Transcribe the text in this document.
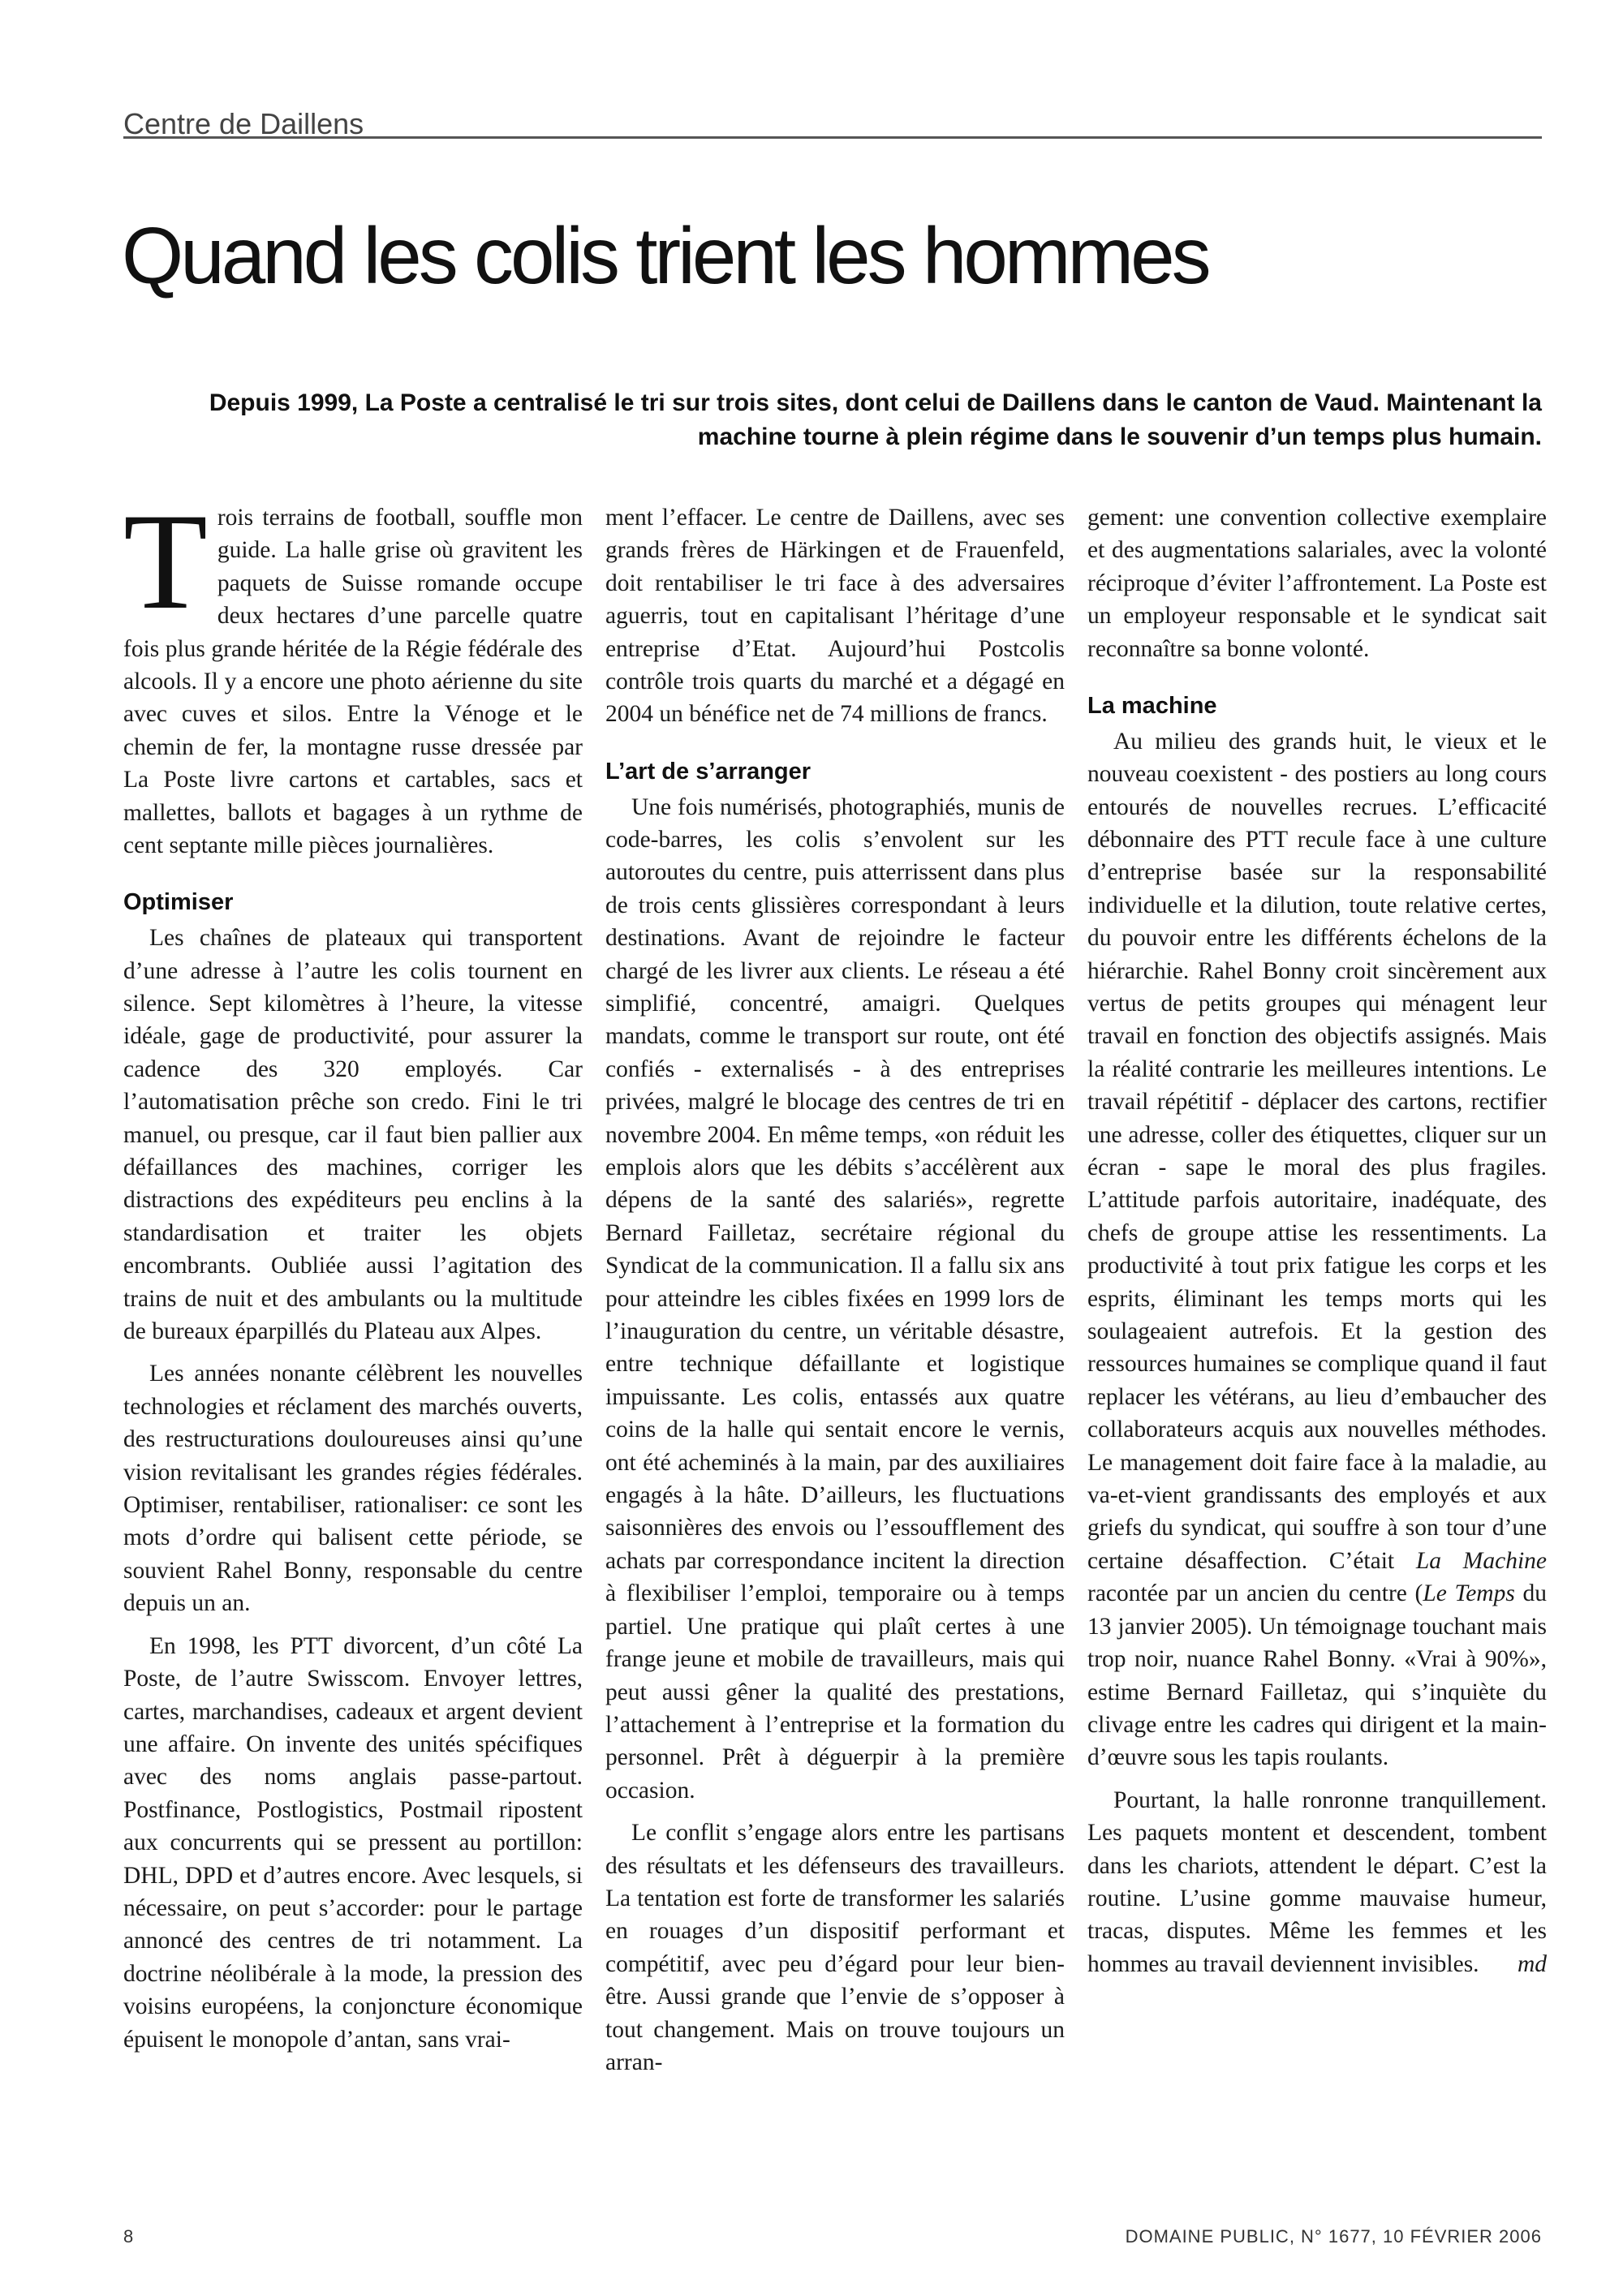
Centre de Daillens
Quand les colis trient les hommes
Depuis 1999, La Poste a centralisé le tri sur trois sites, dont celui de Daillens dans le canton de Vaud. Maintenant la machine tourne à plein régime dans le souvenir d’un temps plus humain.

Trois terrains de football, souffle mon guide. La halle grise où gravitent les paquets de Suisse romande occupe deux hectares d’une parcelle quatre fois plus grande héritée de la Régie fédérale des alcools. Il y a encore une photo aérienne du site avec cuves et silos. Entre la Vénoge et le chemin de fer, la montagne russe dressée par La Poste livre cartons et cartables, sacs et mallettes, ballots et bagages à un rythme de cent septante mille pièces journalières.

Optimiser

Les chaînes de plateaux qui transportent d’une adresse à l’autre les colis tournent en silence. Sept kilomètres à l’heure, la vitesse idéale, gage de productivité, pour assurer la cadence des 320 employés. Car l’automatisation prêche son credo. Fini le tri manuel, ou presque, car il faut bien pallier aux défaillances des machines, corriger les distractions des expéditeurs peu enclins à la standardisation et traiter les objets encombrants. Oubliée aussi l’agitation des trains de nuit et des ambulants ou la multitude de bureaux éparpillés du Plateau aux Alpes.

Les années nonante célèbrent les nouvelles technologies et réclament des marchés ouverts, des restructurations douloureuses ainsi qu’une vision revitalisant les grandes régies fédérales. Optimiser, rentabiliser, rationaliser: ce sont les mots d’ordre qui balisent cette période, se souvient Rahel Bonny, responsable du centre depuis un an.

En 1998, les PTT divorcent, d’un côté La Poste, de l’autre Swisscom. Envoyer lettres, cartes, marchandises, cadeaux et argent devient une affaire. On invente des unités spécifiques avec des noms anglais passe-partout. Postfinance, Postlogistics, Postmail ripostent aux concurrents qui se pressent au portillon: DHL, DPD et d’autres encore. Avec lesquels, si nécessaire, on peut s’accorder: pour le partage annoncé des centres de tri notamment. La doctrine néolibérale à la mode, la pression des voisins européens, la conjoncture économique épuisent le monopole d’antan, sans vrai-

ment l’effacer. Le centre de Daillens, avec ses grands frères de Härkingen et de Frauenfeld, doit rentabiliser le tri face à des adversaires aguerris, tout en capitalisant l’héritage d’une entreprise d’Etat. Aujourd’hui Postcolis contrôle trois quarts du marché et a dégagé en 2004 un bénéfice net de 74 millions de francs.

L’art de s’arranger

Une fois numérisés, photographiés, munis de code-barres, les colis s’envolent sur les autoroutes du centre, puis atterrissent dans plus de trois cents glissières correspondant à leurs destinations. Avant de rejoindre le facteur chargé de les livrer aux clients. Le réseau a été simplifié, concentré, amaigri. Quelques mandats, comme le transport sur route, ont été confiés - externalisés - à des entreprises privées, malgré le blocage des centres de tri en novembre 2004. En même temps, «on réduit les emplois alors que les débits s’accélèrent aux dépens de la santé des salariés», regrette Bernard Failletaz, secrétaire régional du Syndicat de la communication. Il a fallu six ans pour atteindre les cibles fixées en 1999 lors de l’inauguration du centre, un véritable désastre, entre technique défaillante et logistique impuissante. Les colis, entassés aux quatre coins de la halle qui sentait encore le vernis, ont été acheminés à la main, par des auxiliaires engagés à la hâte. D’ailleurs, les fluctuations saisonnières des envois ou l’essoufflement des achats par correspondance incitent la direction à flexibiliser l’emploi, temporaire ou à temps partiel. Une pratique qui plaît certes à une frange jeune et mobile de travailleurs, mais qui peut aussi gêner la qualité des prestations, l’attachement à l’entreprise et la formation du personnel. Prêt à déguerpir à la première occasion.

Le conflit s’engage alors entre les partisans des résultats et les défenseurs des travailleurs. La tentation est forte de transformer les salariés en rouages d’un dispositif performant et compétitif, avec peu d’égard pour leur bien-être. Aussi grande que l’envie de s’opposer à tout changement. Mais on trouve toujours un arran-

gement: une convention collective exemplaire et des augmentations salariales, avec la volonté réciproque d’éviter l’affrontement. La Poste est un employeur responsable et le syndicat sait reconnaître sa bonne volonté.

La machine

Au milieu des grands huit, le vieux et le nouveau coexistent - des postiers au long cours entourés de nouvelles recrues. L’efficacité débonnaire des PTT recule face à une culture d’entreprise basée sur la responsabilité individuelle et la dilution, toute relative certes, du pouvoir entre les différents échelons de la hiérarchie. Rahel Bonny croit sincèrement aux vertus de petits groupes qui ménagent leur travail en fonction des objectifs assignés. Mais la réalité contrarie les meilleures intentions. Le travail répétitif - déplacer des cartons, rectifier une adresse, coller des étiquettes, cliquer sur un écran - sape le moral des plus fragiles. L’attitude parfois autoritaire, inadéquate, des chefs de groupe attise les ressentiments. La productivité à tout prix fatigue les corps et les esprits, éliminant les temps morts qui les soulageaient autrefois. Et la gestion des ressources humaines se complique quand il faut replacer les vétérans, au lieu d’embaucher des collaborateurs acquis aux nouvelles méthodes. Le management doit faire face à la maladie, au va-et-vient grandissants des employés et aux griefs du syndicat, qui souffre à son tour d’une certaine désaffection. C’était La Machine racontée par un ancien du centre (Le Temps du 13 janvier 2005). Un témoignage touchant mais trop noir, nuance Rahel Bonny. «Vrai à 90%», estime Bernard Failletaz, qui s’inquiète du clivage entre les cadres qui dirigent et la main-d’œuvre sous les tapis roulants.

Pourtant, la halle ronronne tranquillement. Les paquets montent et descendent, tombent dans les chariots, attendent le départ. C’est la routine. L’usine gomme mauvaise humeur, tracas, disputes. Même les femmes et les hommes au travail deviennent invisibles.	md

8	DOMAINE PUBLIC, N° 1677, 10 FÉVRIER 2006
